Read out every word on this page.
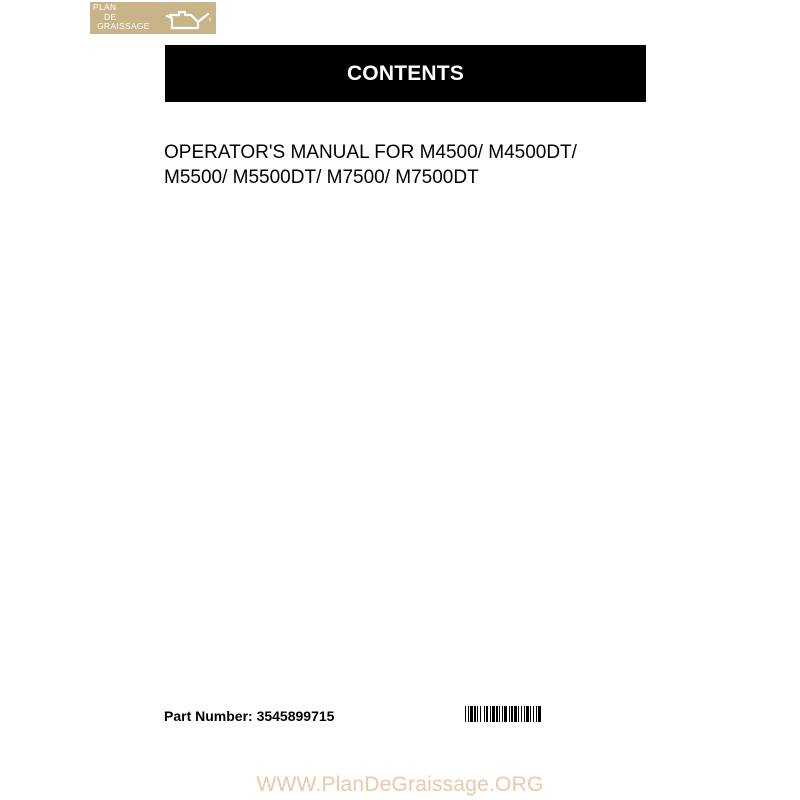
PLAN
DE
GRAISSAGE
CONTENTS
OPERATOR'S MANUAL FOR M4500/ M4500DT/
M5500/ M5500DT/ M7500/ M7500DT
Part Number: 3545899715
WWW.PlanDeGraissage.ORG
